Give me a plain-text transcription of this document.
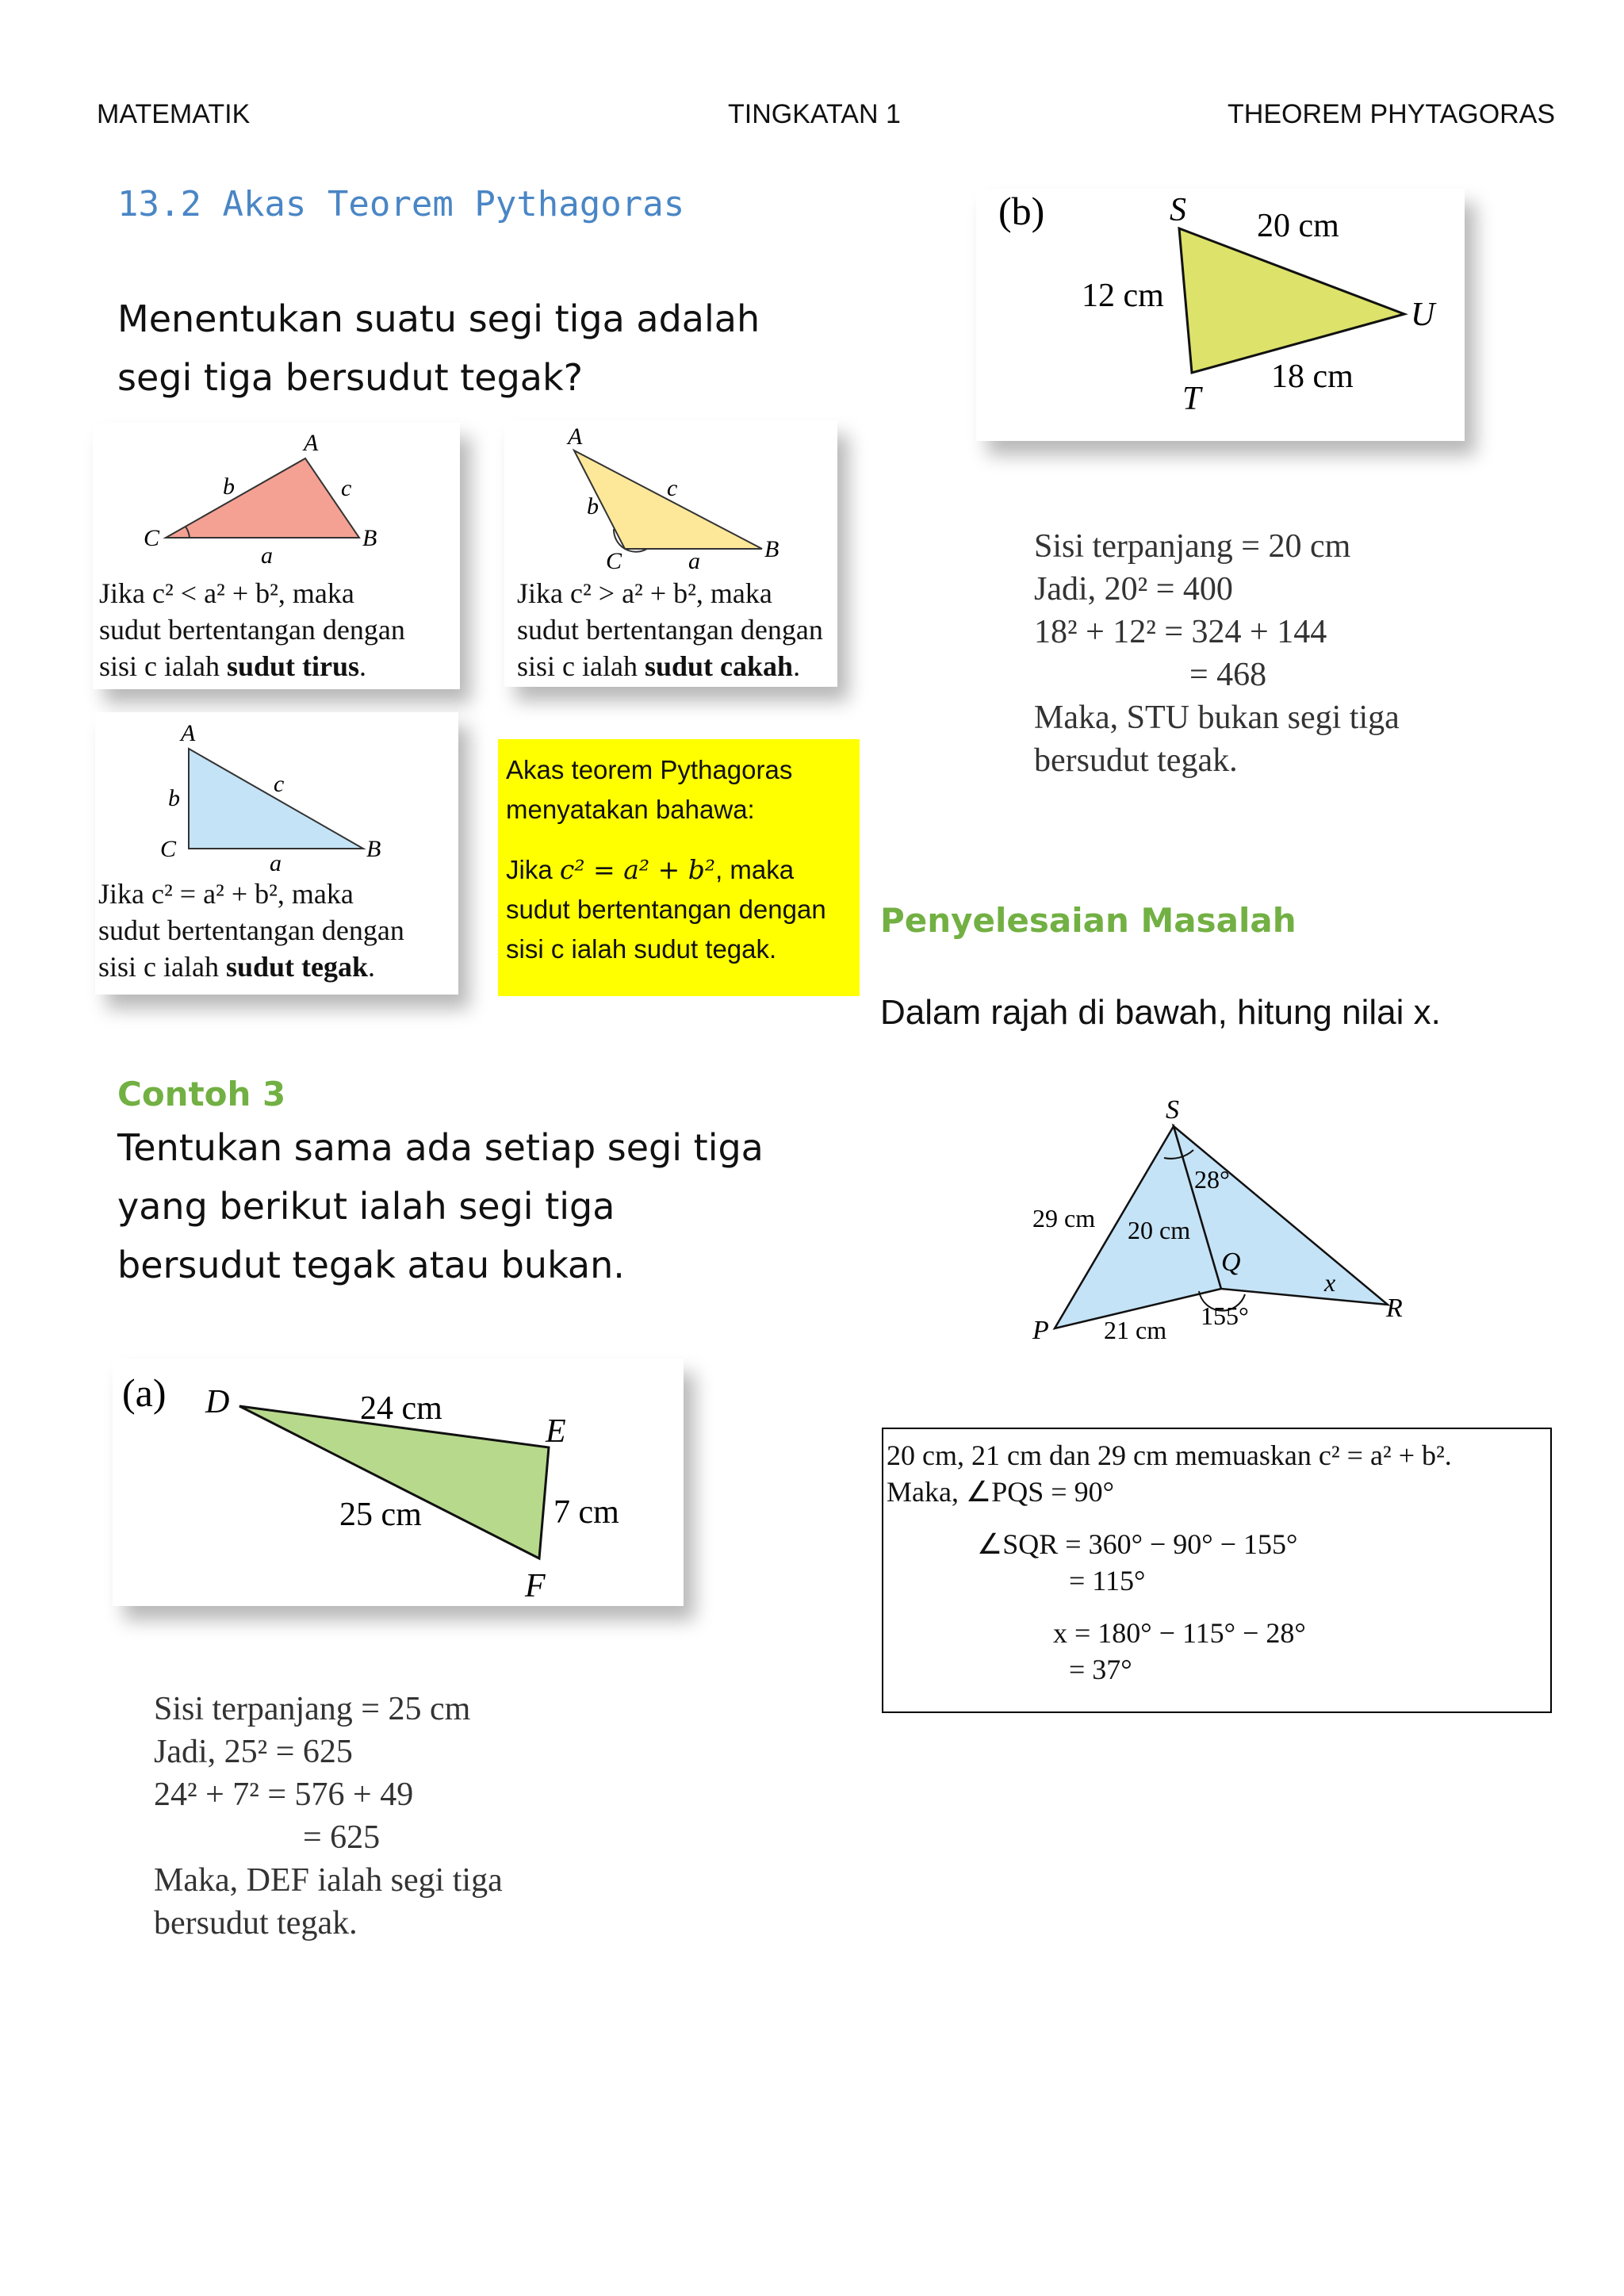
MATEMATIK	TINGKATAN 1	THEOREM PHYTAGORAS
13.2 Akas Teorem Pythagoras
Menentukan suatu segi tiga adalah
segi tiga bersudut tegak?
A
C	B
b	c
a
Jika c² < a² + b², maka
sudut bertentangan dengan
sisi c ialah sudut tirus.
A
C	B
b
c
a
Jika c² > a² + b², maka
sudut bertentangan dengan
sisi c ialah sudut cakah.
A
C	B
b
c
a
Jika c² = a² + b², maka
sudut bertentangan dengan
sisi c ialah sudut tegak.
Akas teorem Pythagoras
menyatakan bahawa:
Jika c² = a² + b², maka
sudut bertentangan dengan
sisi c ialah sudut tegak.
Contoh 3
Tentukan sama ada setiap segi tiga
yang berikut ialah segi tiga
bersudut tegak atau bukan.
(a) D
E
F
24 cm
25 cm	7 cm
Sisi terpanjang = 25 cm
Jadi, 25² = 625
24² + 7² = 576 + 49
= 625
Maka, DEF ialah segi tiga
bersudut tegak.
(b)	S
U
T
20 cm
12 cm
18 cm
Sisi terpanjang = 20 cm
Jadi, 20² = 400
18² + 12² = 324 + 144
= 468
Maka, STU bukan segi tiga
bersudut tegak.
Penyelesaian Masalah
Dalam rajah di bawah, hitung nilai x.
S
P
Q
R
29 cm 20 cm
21 cm
28°
155°
x
20 cm, 21 cm dan 29 cm memuaskan c² = a² + b².
Maka, ∠PQS = 90°
∠SQR = 360° − 90° − 155°
= 115°
x = 180° − 115° − 28°
= 37°
